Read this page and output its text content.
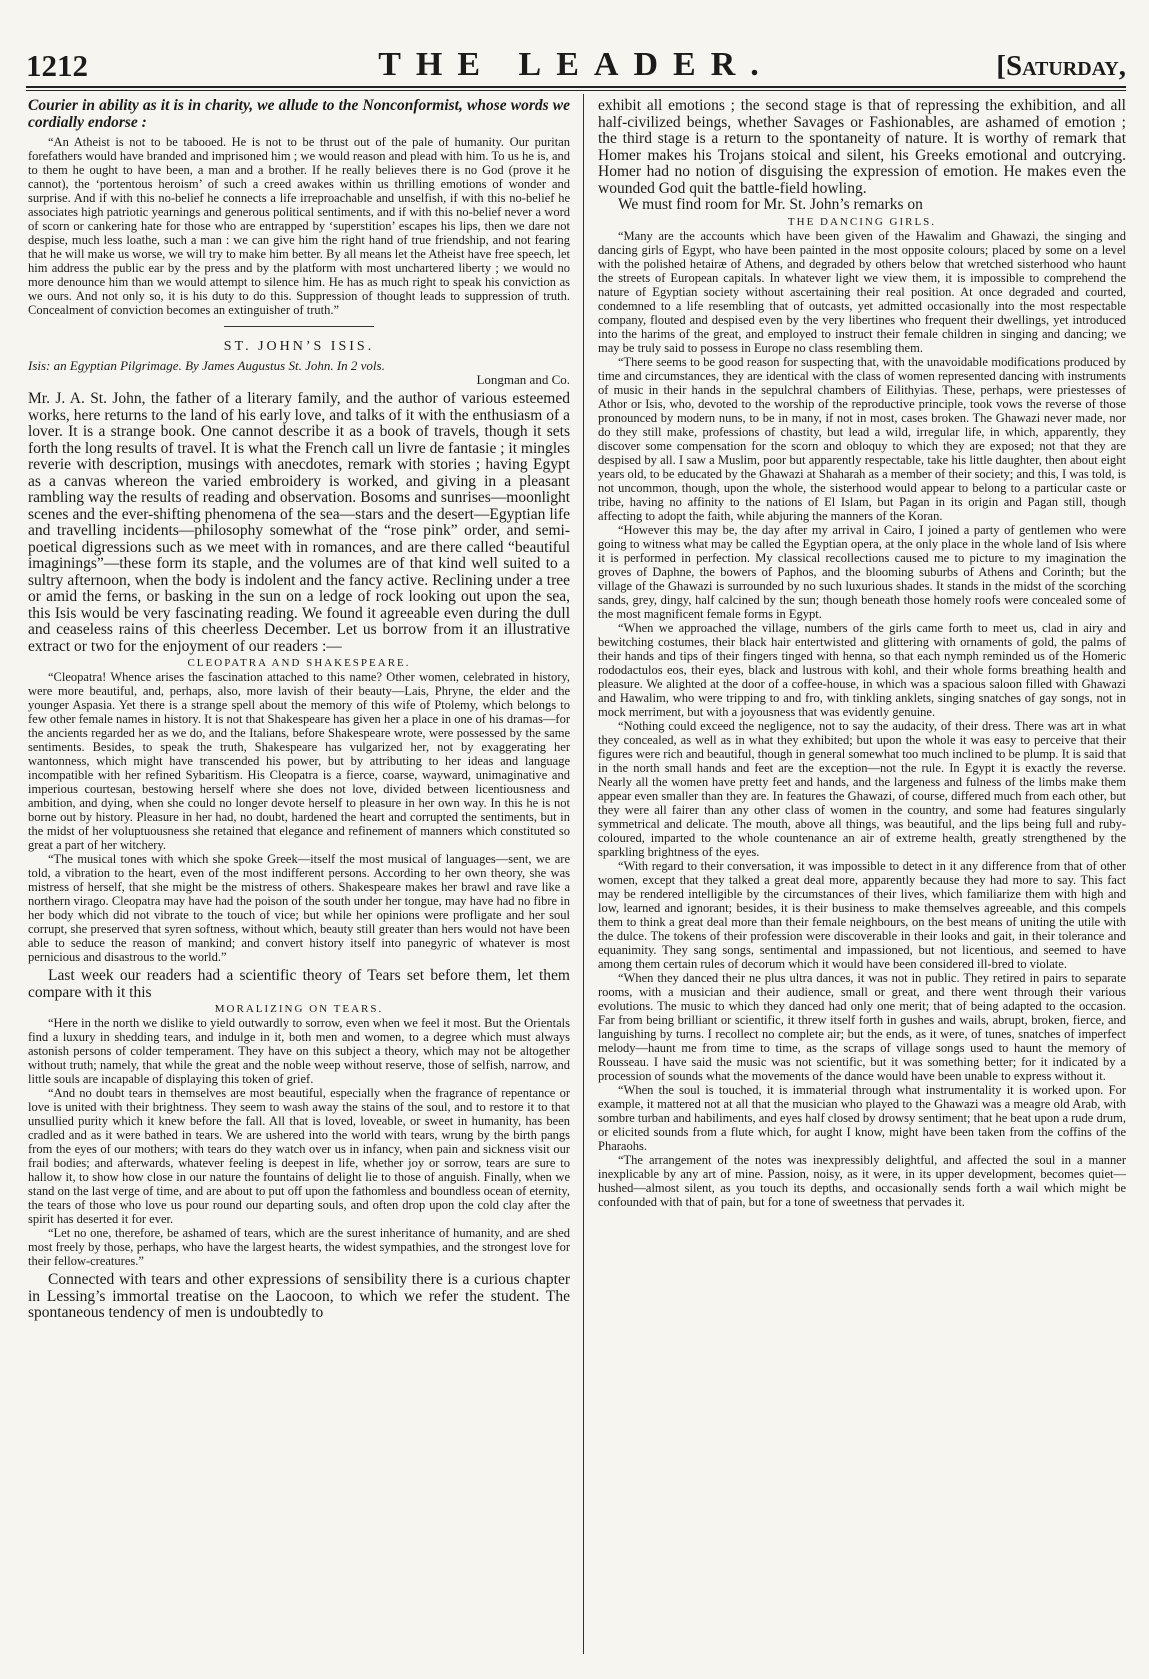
1212	THE LEADER.	[Saturday,

Courier in ability as it is in charity, we allude to the Nonconformist, whose words we cordially endorse :

“An Atheist is not to be tabooed. He is not to be thrust out of the pale of humanity. Our puritan forefathers would have branded and imprisoned him ; we would reason and plead with him. To us he is, and to them he ought to have been, a man and a brother. If he really believes there is no God (prove it he cannot), the ‘portentous heroism’ of such a creed awakes within us thrilling emotions of wonder and surprise. And if with this no-belief he connects a life irreproachable and unselfish, if with this no-belief he associates high patriotic yearnings and generous political sentiments, and if with this no-belief never a word of scorn or cankering hate for those who are entrapped by ‘superstition’ escapes his lips, then we dare not despise, much less loathe, such a man : we can give him the right hand of true friendship, and not fearing that he will make us worse, we will try to make him better. By all means let the Atheist have free speech, let him address the public ear by the press and by the platform with most unchartered liberty ; we would no more denounce him than we would attempt to silence him. He has as much right to speak his conviction as we ours. And not only so, it is his duty to do this. Suppression of thought leads to suppression of truth. Concealment of conviction becomes an extinguisher of truth.”

ST. JOHN’S ISIS.

Isis: an Egyptian Pilgrimage. By James Augustus St. John. In 2 vols.

Longman and Co.

Mr. J. A. St. John, the father of a literary family, and the author of various esteemed works, here returns to the land of his early love, and talks of it with the enthusiasm of a lover. It is a strange book. One cannot describe it as a book of travels, though it sets forth the long results of travel. It is what the French call un livre de fantasie ; it mingles reverie with description, musings with anecdotes, remark with stories ; having Egypt as a canvas whereon the varied embroidery is worked, and giving in a pleasant rambling way the results of reading and observation. Bosoms and sunrises—moonlight scenes and the ever-shifting phenomena of the sea—stars and the desert—Egyptian life and travelling incidents—philosophy somewhat of the “rose pink” order, and semi-poetical digressions such as we meet with in romances, and are there called “beautiful imaginings”—these form its staple, and the volumes are of that kind well suited to a sultry afternoon, when the body is indolent and the fancy active. Reclining under a tree or amid the ferns, or basking in the sun on a ledge of rock looking out upon the sea, this Isis would be very fascinating reading. We found it agreeable even during the dull and ceaseless rains of this cheerless December. Let us borrow from it an illustrative extract or two for the enjoyment of our readers :—

CLEOPATRA AND SHAKESPEARE.

“Cleopatra! Whence arises the fascination attached to this name? Other women, celebrated in history, were more beautiful, and, perhaps, also, more lavish of their beauty—Lais, Phryne, the elder and the younger Aspasia. Yet there is a strange spell about the memory of this wife of Ptolemy, which belongs to few other female names in history. It is not that Shakespeare has given her a place in one of his dramas—for the ancients regarded her as we do, and the Italians, before Shakespeare wrote, were possessed by the same sentiments. Besides, to speak the truth, Shakespeare has vulgarized her, not by exaggerating her wantonness, which might have transcended his power, but by attributing to her ideas and language incompatible with her refined Sybaritism. His Cleopatra is a fierce, coarse, wayward, unimaginative and imperious courtesan, bestowing herself where she does not love, divided between licentiousness and ambition, and dying, when she could no longer devote herself to pleasure in her own way. In this he is not borne out by history. Pleasure in her had, no doubt, hardened the heart and corrupted the sentiments, but in the midst of her voluptuousness she retained that elegance and refinement of manners which constituted so great a part of her witchery.

“The musical tones with which she spoke Greek—itself the most musical of languages—sent, we are told, a vibration to the heart, even of the most indifferent persons. According to her own theory, she was mistress of herself, that she might be the mistress of others. Shakespeare makes her brawl and rave like a northern virago. Cleopatra may have had the poison of the south under her tongue, may have had no fibre in her body which did not vibrate to the touch of vice; but while her opinions were profligate and her soul corrupt, she preserved that syren softness, without which, beauty still greater than hers would not have been able to seduce the reason of mankind; and convert history itself into panegyric of whatever is most pernicious and disastrous to the world.”

Last week our readers had a scientific theory of Tears set before them, let them compare with it this

MORALIZING ON TEARS.

“Here in the north we dislike to yield outwardly to sorrow, even when we feel it most. But the Orientals find a luxury in shedding tears, and indulge in it, both men and women, to a degree which must always astonish persons of colder temperament. They have on this subject a theory, which may not be altogether without truth; namely, that while the great and the noble weep without reserve, those of selfish, narrow, and little souls are incapable of displaying this token of grief.

“And no doubt tears in themselves are most beautiful, especially when the fragrance of repentance or love is united with their brightness. They seem to wash away the stains of the soul, and to restore it to that unsullied purity which it knew before the fall. All that is loved, loveable, or sweet in humanity, has been cradled and as it were bathed in tears. We are ushered into the world with tears, wrung by the birth pangs from the eyes of our mothers; with tears do they watch over us in infancy, when pain and sickness visit our frail bodies; and afterwards, whatever feeling is deepest in life, whether joy or sorrow, tears are sure to hallow it, to show how close in our nature the fountains of delight lie to those of anguish. Finally, when we stand on the last verge of time, and are about to put off upon the fathomless and boundless ocean of eternity, the tears of those who love us pour round our departing souls, and often drop upon the cold clay after the spirit has deserted it for ever.

“Let no one, therefore, be ashamed of tears, which are the surest inheritance of humanity, and are shed most freely by those, perhaps, who have the largest hearts, the widest sympathies, and the strongest love for their fellow-creatures.”

Connected with tears and other expressions of sensibility there is a curious chapter in Lessing’s immortal treatise on the Laocoon, to which we refer the student. The spontaneous tendency of men is undoubtedly to

exhibit all emotions ; the second stage is that of repressing the exhibition, and all half-civilized beings, whether Savages or Fashionables, are ashamed of emotion ; the third stage is a return to the spontaneity of nature. It is worthy of remark that Homer makes his Trojans stoical and silent, his Greeks emotional and outcrying. Homer had no notion of disguising the expression of emotion. He makes even the wounded God quit the battle-field howling.

We must find room for Mr. St. John’s remarks on

THE DANCING GIRLS.

“Many are the accounts which have been given of the Hawalim and Ghawazi, the singing and dancing girls of Egypt, who have been painted in the most opposite colours; placed by some on a level with the polished hetairæ of Athens, and degraded by others below that wretched sisterhood who haunt the streets of European capitals. In whatever light we view them, it is impossible to comprehend the nature of Egyptian society without ascertaining their real position. At once degraded and courted, condemned to a life resembling that of outcasts, yet admitted occasionally into the most respectable company, flouted and despised even by the very libertines who frequent their dwellings, yet introduced into the harims of the great, and employed to instruct their female children in singing and dancing; we may be truly said to possess in Europe no class resembling them.

“There seems to be good reason for suspecting that, with the unavoidable modifications produced by time and circumstances, they are identical with the class of women represented dancing with instruments of music in their hands in the sepulchral chambers of Eilithyias. These, perhaps, were priestesses of Athor or Isis, who, devoted to the worship of the reproductive principle, took vows the reverse of those pronounced by modern nuns, to be in many, if not in most, cases broken. The Ghawazi never made, nor do they still make, professions of chastity, but lead a wild, irregular life, in which, apparently, they discover some compensation for the scorn and obloquy to which they are exposed; not that they are despised by all. I saw a Muslim, poor but apparently respectable, take his little daughter, then about eight years old, to be educated by the Ghawazi at Shaharah as a member of their society; and this, I was told, is not uncommon, though, upon the whole, the sisterhood would appear to belong to a particular caste or tribe, having no affinity to the nations of El Islam, but Pagan in its origin and Pagan still, though affecting to adopt the faith, while abjuring the manners of the Koran.

“However this may be, the day after my arrival in Cairo, I joined a party of gentlemen who were going to witness what may be called the Egyptian opera, at the only place in the whole land of Isis where it is performed in perfection. My classical recollections caused me to picture to my imagination the groves of Daphne, the bowers of Paphos, and the blooming suburbs of Athens and Corinth; but the village of the Ghawazi is surrounded by no such luxurious shades. It stands in the midst of the scorching sands, grey, dingy, half calcined by the sun; though beneath those homely roofs were concealed some of the most magnificent female forms in Egypt.

“When we approached the village, numbers of the girls came forth to meet us, clad in airy and bewitching costumes, their black hair entertwisted and glittering with ornaments of gold, the palms of their hands and tips of their fingers tinged with henna, so that each nymph reminded us of the Homeric rododactulos eos, their eyes, black and lustrous with kohl, and their whole forms breathing health and pleasure. We alighted at the door of a coffee-house, in which was a spacious saloon filled with Ghawazi and Hawalim, who were tripping to and fro, with tinkling anklets, singing snatches of gay songs, not in mock merriment, but with a joyousness that was evidently genuine.

“Nothing could exceed the negligence, not to say the audacity, of their dress. There was art in what they concealed, as well as in what they exhibited; but upon the whole it was easy to perceive that their figures were rich and beautiful, though in general somewhat too much inclined to be plump. It is said that in the north small hands and feet are the exception—not the rule. In Egypt it is exactly the reverse. Nearly all the women have pretty feet and hands, and the largeness and fulness of the limbs make them appear even smaller than they are. In features the Ghawazi, of course, differed much from each other, but they were all fairer than any other class of women in the country, and some had features singularly symmetrical and delicate. The mouth, above all things, was beautiful, and the lips being full and ruby-coloured, imparted to the whole countenance an air of extreme health, greatly strengthened by the sparkling brightness of the eyes.

“With regard to their conversation, it was impossible to detect in it any difference from that of other women, except that they talked a great deal more, apparently because they had more to say. This fact may be rendered intelligible by the circumstances of their lives, which familiarize them with high and low, learned and ignorant; besides, it is their business to make themselves agreeable, and this compels them to think a great deal more than their female neighbours, on the best means of uniting the utile with the dulce. The tokens of their profession were discoverable in their looks and gait, in their tolerance and equanimity. They sang songs, sentimental and impassioned, but not licentious, and seemed to have among them certain rules of decorum which it would have been considered ill-bred to violate.

“When they danced their ne plus ultra dances, it was not in public. They retired in pairs to separate rooms, with a musician and their audience, small or great, and there went through their various evolutions. The music to which they danced had only one merit; that of being adapted to the occasion. Far from being brilliant or scientific, it threw itself forth in gushes and wails, abrupt, broken, fierce, and languishing by turns. I recollect no complete air; but the ends, as it were, of tunes, snatches of imperfect melody—haunt me from time to time, as the scraps of village songs used to haunt the memory of Rousseau. I have said the music was not scientific, but it was something better; for it indicated by a procession of sounds what the movements of the dance would have been unable to express without it.

“When the soul is touched, it is immaterial through what instrumentality it is worked upon. For example, it mattered not at all that the musician who played to the Ghawazi was a meagre old Arab, with sombre turban and habiliments, and eyes half closed by drowsy sentiment; that he beat upon a rude drum, or elicited sounds from a flute which, for aught I know, might have been taken from the coffins of the Pharaohs.

“The arrangement of the notes was inexpressibly delightful, and affected the soul in a manner inexplicable by any art of mine. Passion, noisy, as it were, in its upper development, becomes quiet—hushed—almost silent, as you touch its depths, and occasionally sends forth a wail which might be confounded with that of pain, but for a tone of sweetness that pervades it.
